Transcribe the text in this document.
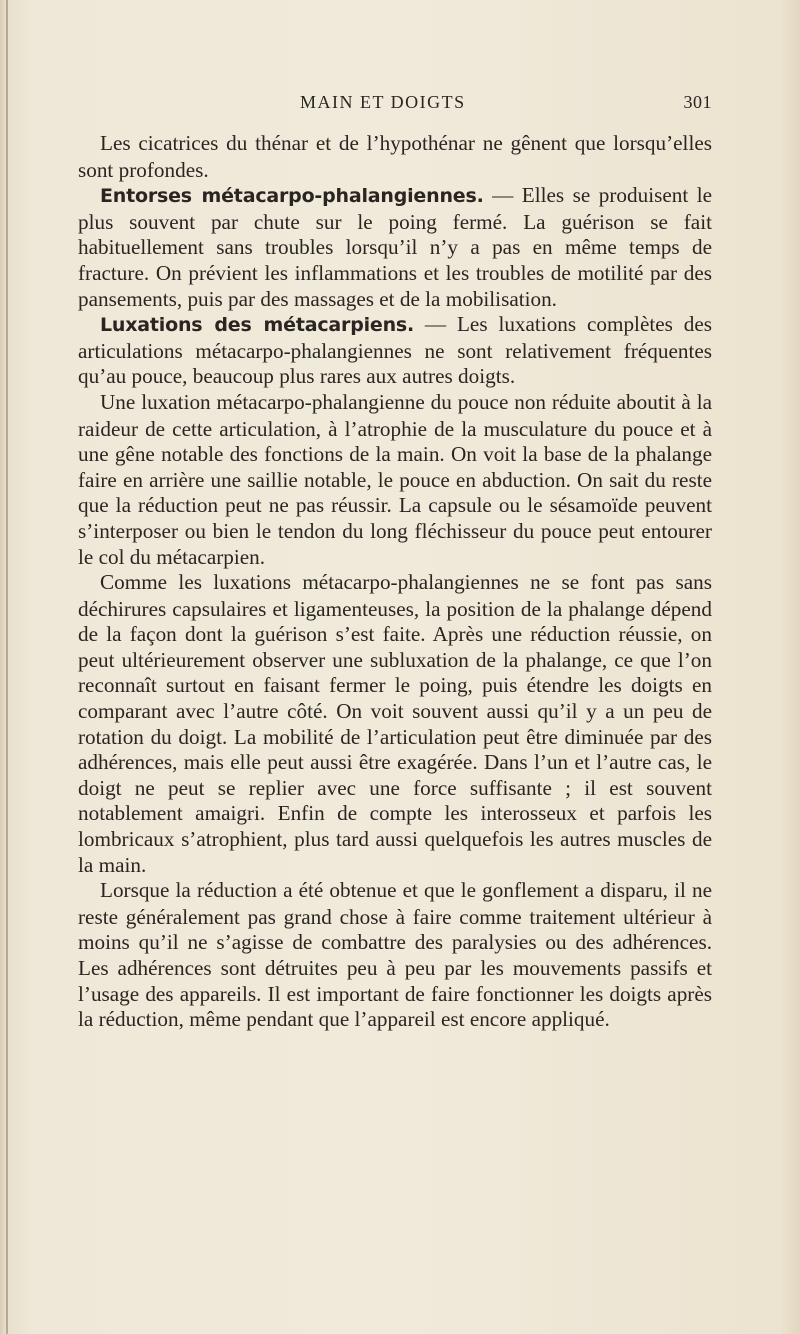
MAIN ET DOIGTS	301

Les cicatrices du thénar et de l’hypothénar ne gênent que lorsqu’elles sont profondes.

Entorses métacarpo-phalangiennes. — Elles se produisent le plus souvent par chute sur le poing fermé. La guérison se fait habituellement sans troubles lorsqu’il n’y a pas en même temps de fracture. On prévient les inflammations et les troubles de motilité par des pansements, puis par des massages et de la mobilisation.

Luxations des métacarpiens. — Les luxations complètes des articulations métacarpo-phalangiennes ne sont relativement fréquentes qu’au pouce, beaucoup plus rares aux autres doigts.

Une luxation métacarpo-phalangienne du pouce non réduite aboutit à la raideur de cette articulation, à l’atrophie de la musculature du pouce et à une gêne notable des fonctions de la main. On voit la base de la phalange faire en arrière une saillie notable, le pouce en abduction. On sait du reste que la réduction peut ne pas réussir. La capsule ou le sésamoïde peuvent s’interposer ou bien le tendon du long fléchisseur du pouce peut entourer le col du métacarpien.

Comme les luxations métacarpo-phalangiennes ne se font pas sans déchirures capsulaires et ligamenteuses, la position de la phalange dépend de la façon dont la guérison s’est faite. Après une réduction réussie, on peut ultérieurement observer une subluxation de la phalange, ce que l’on reconnaît surtout en faisant fermer le poing, puis étendre les doigts en comparant avec l’autre côté. On voit souvent aussi qu’il y a un peu de rotation du doigt. La mobilité de l’articulation peut être diminuée par des adhérences, mais elle peut aussi être exagérée. Dans l’un et l’autre cas, le doigt ne peut se replier avec une force suffisante ; il est souvent notablement amaigri. Enfin de compte les interosseux et parfois les lombricaux s’atrophient, plus tard aussi quelquefois les autres muscles de la main.

Lorsque la réduction a été obtenue et que le gonflement a disparu, il ne reste généralement pas grand chose à faire comme traitement ultérieur à moins qu’il ne s’agisse de combattre des paralysies ou des adhérences. Les adhérences sont détruites peu à peu par les mouvements passifs et l’usage des appareils. Il est important de faire fonctionner les doigts après la réduction, même pendant que l’appareil est encore appliqué.
